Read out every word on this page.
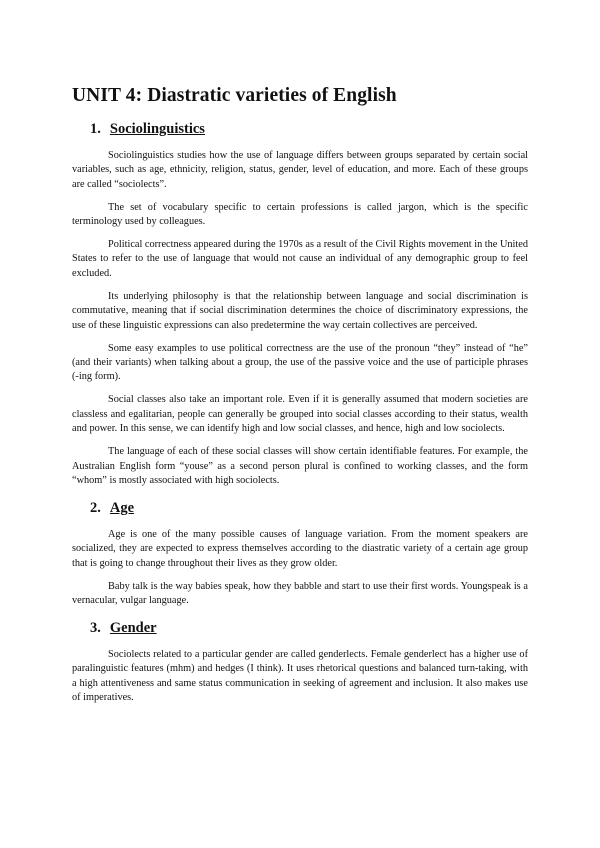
UNIT 4: Diastratic varieties of English
1. Sociolinguistics

Sociolinguistics studies how the use of language differs between groups separated by certain social variables, such as age, ethnicity, religion, status, gender, level of education, and more. Each of these groups are called “sociolects”.

The set of vocabulary specific to certain professions is called jargon, which is the specific terminology used by colleagues.

Political correctness appeared during the 1970s as a result of the Civil Rights movement in the United States to refer to the use of language that would not cause an individual of any demographic group to feel excluded.

Its underlying philosophy is that the relationship between language and social discrimination is commutative, meaning that if social discrimination determines the choice of discriminatory expressions, the use of these linguistic expressions can also predetermine the way certain collectives are perceived.

Some easy examples to use political correctness are the use of the pronoun “they” instead of “he” (and their variants) when talking about a group, the use of the passive voice and the use of participle phrases (-ing form).

Social classes also take an important role. Even if it is generally assumed that modern societies are classless and egalitarian, people can generally be grouped into social classes according to their status, wealth and power. In this sense, we can identify high and low social classes, and hence, high and low sociolects.

The language of each of these social classes will show certain identifiable features. For example, the Australian English form “youse” as a second person plural is confined to working classes, and the form “whom” is mostly associated with high sociolects.

2. Age

Age is one of the many possible causes of language variation. From the moment speakers are socialized, they are expected to express themselves according to the diastratic variety of a certain age group that is going to change throughout their lives as they grow older.

Baby talk is the way babies speak, how they babble and start to use their first words. Youngspeak is a vernacular, vulgar language.

3. Gender

Sociolects related to a particular gender are called genderlects. Female genderlect has a higher use of paralinguistic features (mhm) and hedges (I think). It uses rhetorical questions and balanced turn-taking, with a high attentiveness and same status communication in seeking of agreement and inclusion. It also makes use of imperatives.
